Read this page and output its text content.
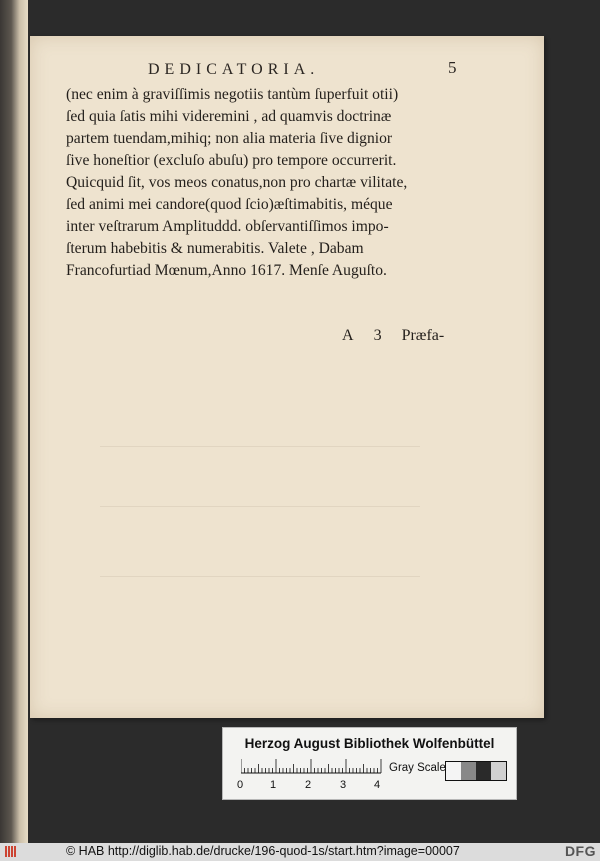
DEDICATORIA.	5
(nec enim à graviſſimis negotiis tantùm ſuperfuit otii)
ſed quia ſatis mihi videremini , ad quamvis doctrinæ
partem tuendam,mihiq; non alia materia ſive dignior
ſive honeſtior (excluſo abuſu) pro tempore occurrerit.
Quicquid ſit, vos meos conatus,non pro chartæ vilitate,
ſed animi mei candore(quod ſcio)æſtimabitis, méque
inter veſtrarum Amplituddd. obſervantiſſimos impo-
ſterum habebitis & numerabitis. Valete , Dabam
Francofurtiad Mœnum,Anno 1617. Menſe Auguſto.
A 3 Præfa-
Herzog August Bibliothek Wolfenbüttel
0 1	2	3	4
Gray Scale
© HAB http://diglib.hab.de/drucke/196-quod-1s/start.htm?image=00007	DFG
